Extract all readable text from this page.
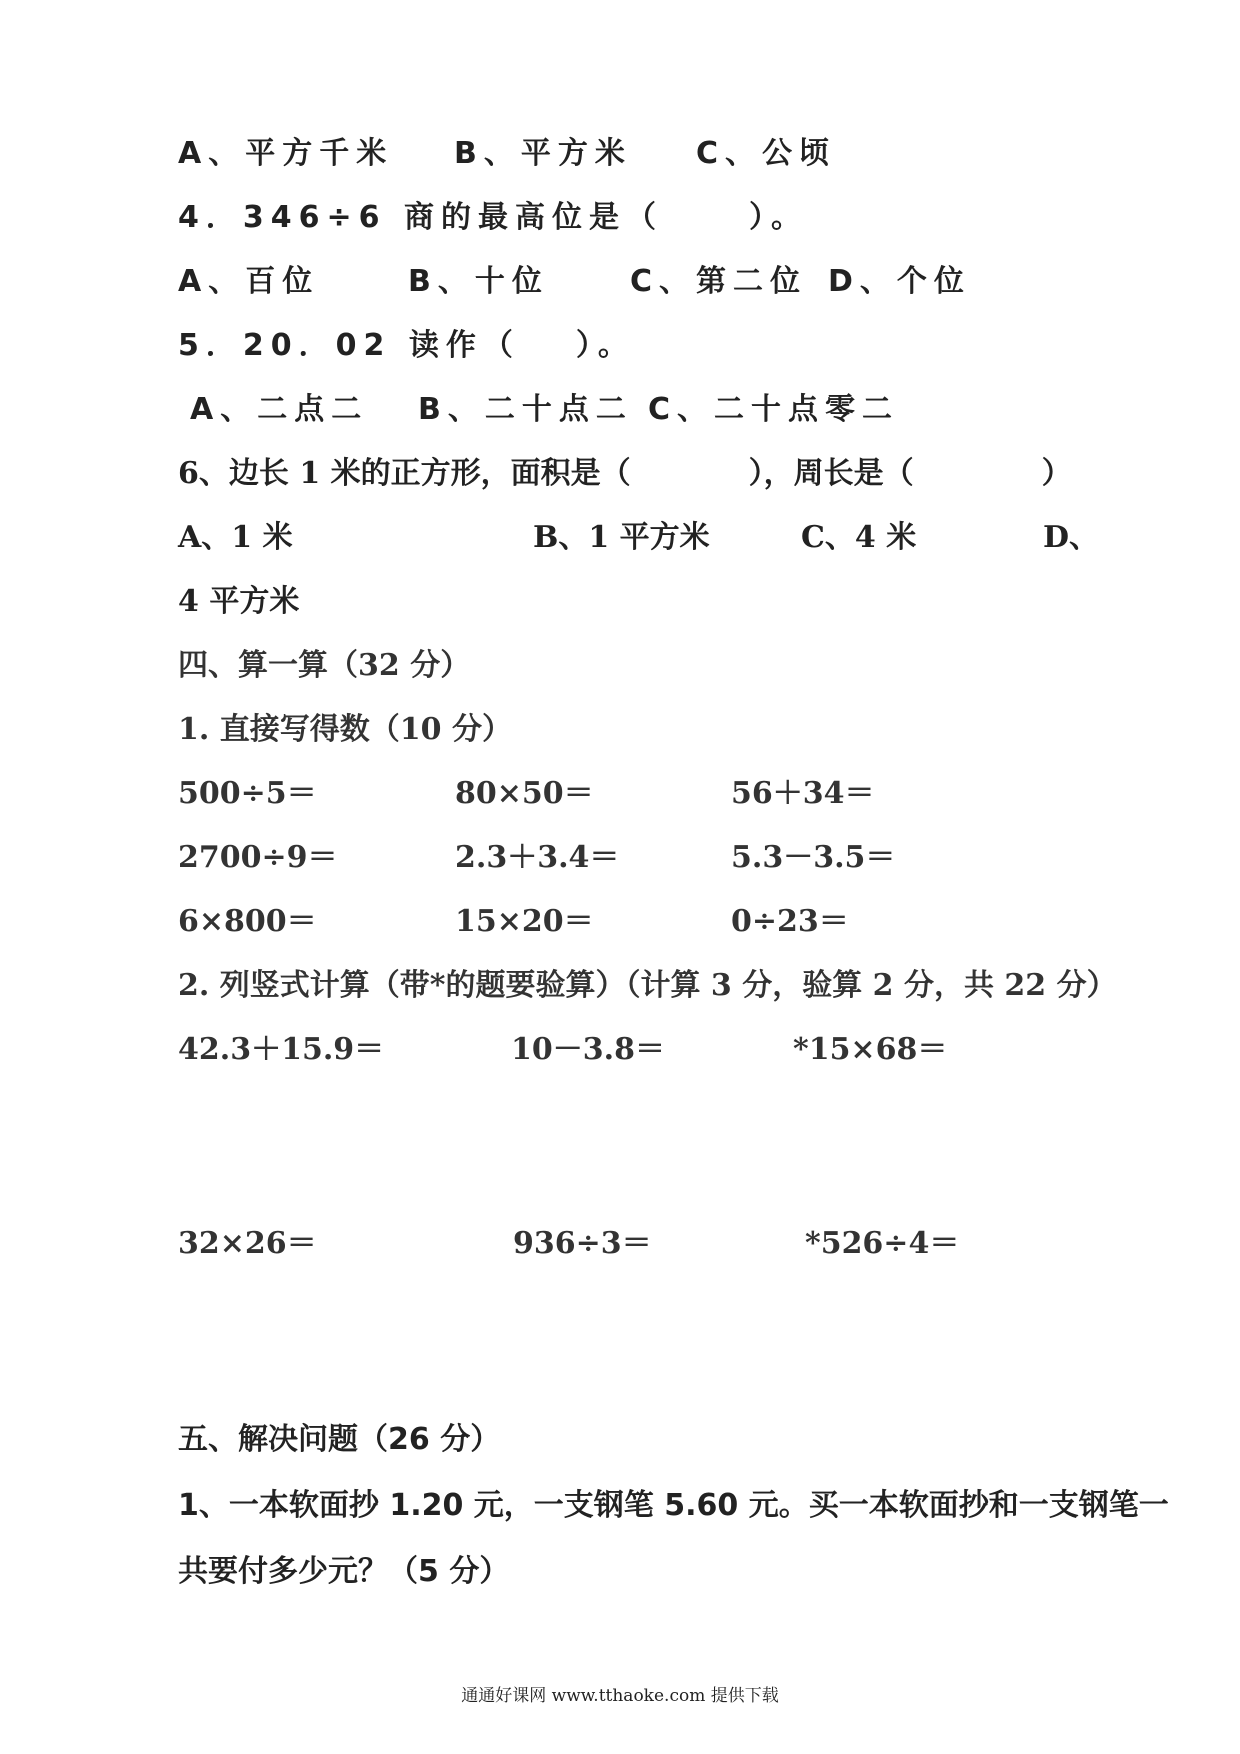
A、平方千米 B、平方米 C、公顷
4．346÷6 商的最高位是（	）。
A、百位	B、十位	C、第二位 D、个位
5．20．02 读作（ ）。
A、二点二 B、二十点二 C、二十点零二
6、边长 1 米的正方形，面积是（	），周长是（	）
A、1 米	B、1 平方米	C、4 米	D、
4 平方米
四、算一算（32 分）
1. 直接写得数（10 分）
500÷5＝	80×50＝	56＋34＝
2700÷9＝	2.3＋3.4＝	5.3－3.5＝
6×800＝	15×20＝	0÷23＝
2. 列竖式计算（带*的题要验算）（计算 3 分，验算 2 分，共 22 分）
42.3＋15.9＝	10－3.8＝	*15×68＝
32×26＝	936÷3＝	*526÷4＝
五、解决问题（26 分）
1、一本软面抄 1.20 元，一支钢笔 5.60 元。买一本软面抄和一支钢笔一
共要付多少元？（5 分）
通通好课网 www.tthaoke.com 提供下载
